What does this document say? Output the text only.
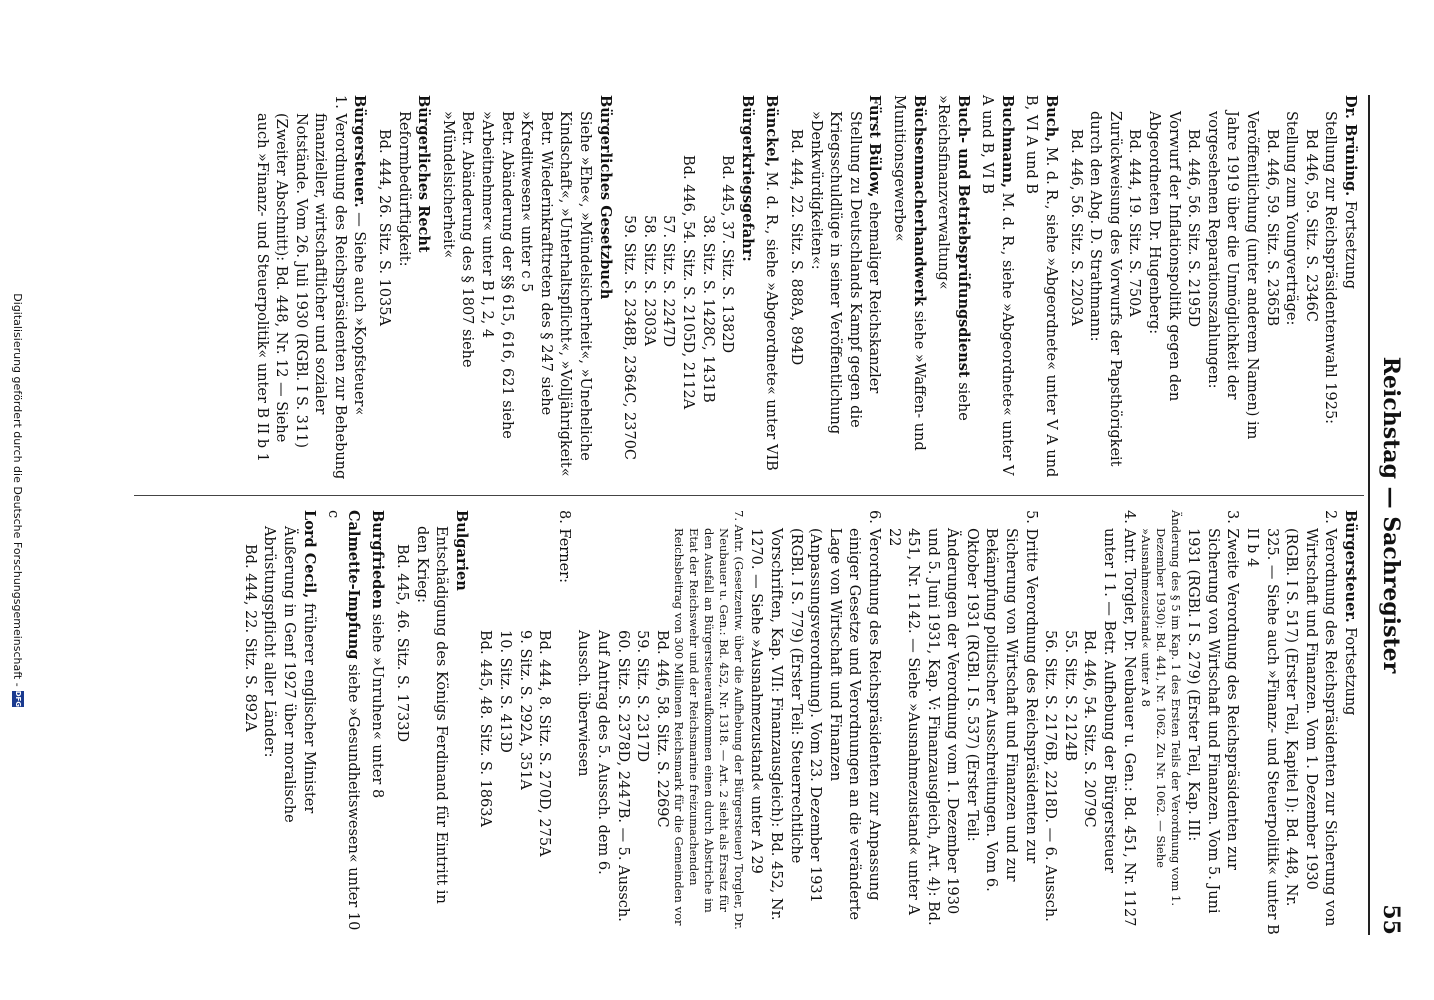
Reichstag — Sachregister
55

Dr. Brüning. Fortsetzung

Stellung zur Reichspräsidentenwahl 1925:

Bd 446, 59. Sitz. S. 2346C

Stellung zum Youngverträge:

Bd. 446, 59. Sitz. S. 2365B

Veröffentlichung (unter anderem Namen) im Jahre 1919 über die Unmöglichkeit der vorgesehenen Reparationszahlungen:

Bd. 446, 56. Sitz. S. 2195D

Vorwurf der Inflationspolitik gegen den Abgeordneten Dr. Hugenberg:

Bd. 444, 19. Sitz. S. 750A

Zurückweisung des Vorwurfs der Papsthörigkeit durch den Abg. D. Strathmann:

Bd. 446, 56. Sitz. S. 2203A

Buch, M. d. R., siehe »Abgeordnete« unter V A und B, VI A und B

Buchmann, M. d. R., siehe »Abgeordnete« unter V A und B, VI B

Buch- und Betriebsprüfungsdienst siehe »Reichsfinanzverwaltung«

Büchsenmacherhandwerk siehe »Waffen- und Munitionsgewerbe«

Fürst Bülow, ehemaliger Reichskanzler

Stellung zu Deutschlands Kampf gegen die Kriegsschuldlüge in seiner Veröffentlichung »Denkwürdigkeiten«:

Bd. 444, 22. Sitz. S. 888A, 894D

Bünckel, M. d. R., siehe »Abgeordnete« unter VIB

Bürgerkriegsgefahr:

Bd. 445, 37. Sitz. S. 1382D

38. Sitz. S. 1428C, 1431B

Bd. 446, 54. Sitz. S. 2105D, 2112A

57. Sitz. S. 2247D

58. Sitz. S. 2303A

59. Sitz. S. 2348B, 2364C, 2370C

Bürgerliches Gesetzbuch

Siehe »Ehe«, »Mündelsicherheit«, »Uneheliche Kindschaft«, »Unterhaltspflicht«, »Volljährigkeit«

Betr. Wiederinkrafttreten des § 247 siehe »Kreditwesen« unter c 5

Betr. Abänderung der §§ 615, 616, 621 siehe »Arbeitnehmer« unter B I, 2, 4

Betr. Abänderung des § 1807 siehe »Mündelsicherheit«

Bürgerliches Recht

Reformbedürftigkeit:

Bd. 444, 26. Sitz. S. 1035A

Bürgersteuer. — Siehe auch »Kopfsteuer«

1. Verordnung des Reichspräsidenten zur Behebung finanzieller, wirtschaftlicher und sozialer Notstände. Vom 26. Juli 1930 (RGBl. I S. 311) (Zweiter Abschnitt): Bd. 448, Nr. 12 — Siehe auch »Finanz- und Steuerpolitik« unter B II b 1

Bürgersteuer. Fortsetzung

2. Verordnung des Reichspräsidenten zur Sicherung von Wirtschaft und Finanzen. Vom 1. Dezember 1930 (RGBl. I S. 517) (Erster Teil, Kapitel I): Bd. 448, Nr. 325. — Siehe auch »Finanz- und Steuerpolitik« unter B II b 4

3. Zweite Verordnung des Reichspräsidenten zur Sicherung von Wirtschaft und Finanzen. Vom 5. Juni 1931 (RGBl. I S. 279) (Erster Teil, Kap. III:

Änderung des § 5 im Kap. 1 des Ersten Teils der Verordnung vom 1. Dezember 1930): Bd. 441, Nr. 1062. Zu Nr. 1062. — Siehe »Ausnahmezustand« unter A 8

4. Antr. Torgler, Dr. Neubauer u. Gen.: Bd. 451, Nr. 1127 unter I 1. — Betr. Aufhebung der Bürgersteuer

Bd. 446, 54. Sitz. S. 2079C

55. Sitz. S. 2124B

56. Sitz. S. 2176B, 2218D. — 6. Aussch.

5. Dritte Verordnung des Reichspräsidenten zur Sicherung von Wirtschaft und Finanzen und zur Bekämpfung politischer Ausschreitungen. Vom 6. Oktober 1931 (RGBl. I S. 537) (Erster Teil: Änderungen der Verordnung vom 1. Dezember 1930 und 5. Juni 1931, Kap. V: Finanzausgleich, Art. 4): Bd. 451, Nr. 1142. — Siehe »Ausnahmezustand« unter A 22

6. Verordnung des Reichspräsidenten zur Anpassung einiger Gesetze und Verordnungen an die veränderte Lage von Wirtschaft und Finanzen (Anpassungsverordnung). Vom 23. Dezember 1931 (RGBl. I S. 779) (Erster Teil: Steuerrechtliche Vorschriften, Kap. VII: Finanzausgleich): Bd. 452, Nr. 1270. — Siehe »Ausnahmezustand« unter A 29

7. Antr. (Gesetzentw. über die Aufhebung der Bürgersteuer) Torgler, Dr. Neubauer u. Gen.: Bd. 452, Nr. 1318. — Art. 2 sieht als Ersatz für den Ausfall an Bürgersteueraufkommen einen durch Abstriche im Etat der Reichswehr und der Reichsmarine freizumachenden Reichsbeitrag von 300 Millionen Reichsmark für die Gemeinden vor

Bd. 446, 58. Sitz. S. 2269C

59. Sitz. S. 2317D

60. Sitz. S. 2378D, 2447B. — 5. Aussch.

Auf Antrag des 5. Aussch. dem 6. Aussch. überwiesen

8. Ferner:

Bd. 444, 8. Sitz. S. 270D, 275A

9. Sitz. S. 292A, 351A

10. Sitz. S. 413D

Bd. 445, 48. Sitz. S. 1863A

Bulgarien

Entschädigung des Königs Ferdinand für Eintritt in den Krieg:

Bd. 445, 46. Sitz. S. 1733D

Burgfrieden siehe »Unruhen« unter 8

Calmette-Impfung siehe »Gesundheitswesen« unter 10 c

Lord Cecil, früherer englischer Minister

Äußerung in Genf 1927 über moralische Abrüstungspflicht aller Länder:

Bd. 444, 22. Sitz. S. 892A

Digitalisierung gefördert durch die Deutsche Forschungsgemeinschaft -
DFG
